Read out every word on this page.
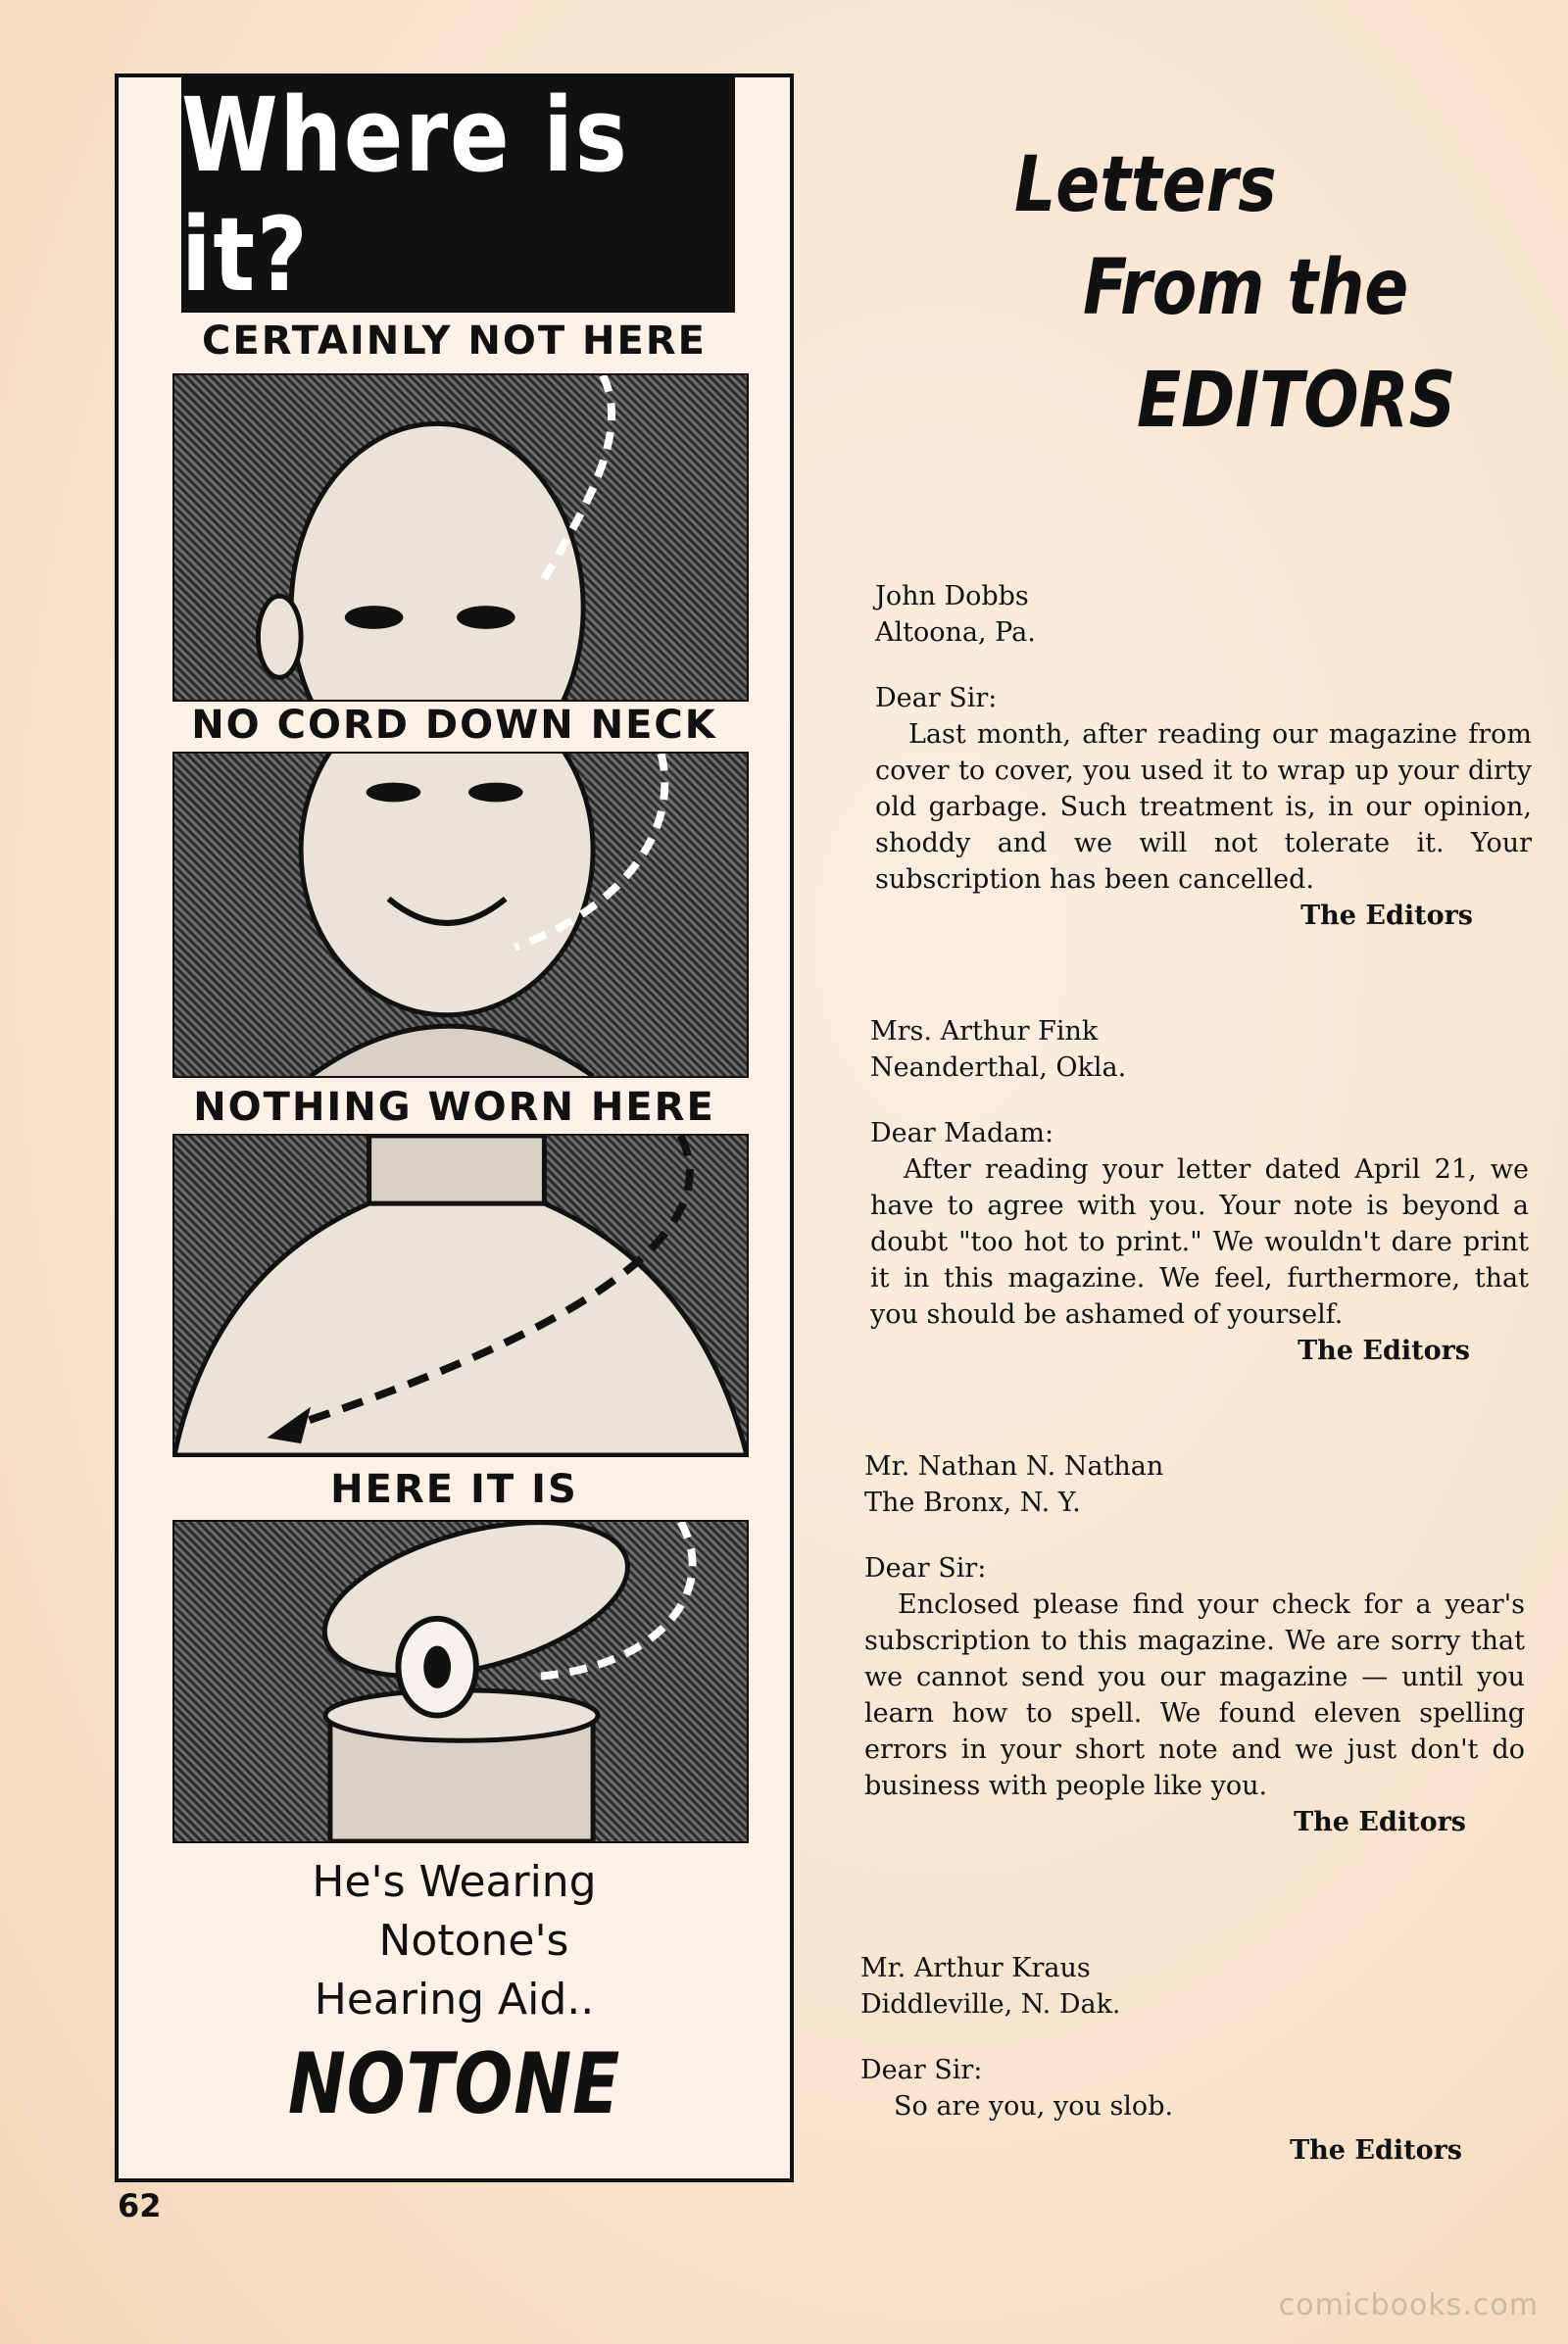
Where is it?
CERTAINLY NOT HERE
NO CORD DOWN NECK
NOTHING WORN HERE
HERE IT IS
He's Wearing
Notone's
Hearing Aid..
NOTONE
62
Letters
From the
EDITORS

John Dobbs

Altoona, Pa.

Dear Sir:

Last month, after reading our magazine from cover to cover, you used it to wrap up your dirty old garbage. Such treatment is, in our opinion, shoddy and we will not tolerate it. Your subscription has been cancelled.

The Editors

Mrs. Arthur Fink

Neanderthal, Okla.

Dear Madam:

After reading your letter dated April 21, we have to agree with you. Your note is beyond a doubt "too hot to print." We wouldn't dare print it in this magazine. We feel, furthermore, that you should be ashamed of yourself.

The Editors

Mr. Nathan N. Nathan

The Bronx, N. Y.

Dear Sir:

Enclosed please find your check for a year's subscription to this magazine. We are sorry that we cannot send you our magazine — until you learn how to spell. We found eleven spelling errors in your short note and we just don't do business with people like you.

The Editors

Mr. Arthur Kraus

Diddleville, N. Dak.

Dear Sir:

So are you, you slob.

The Editors

comicbooks.com
